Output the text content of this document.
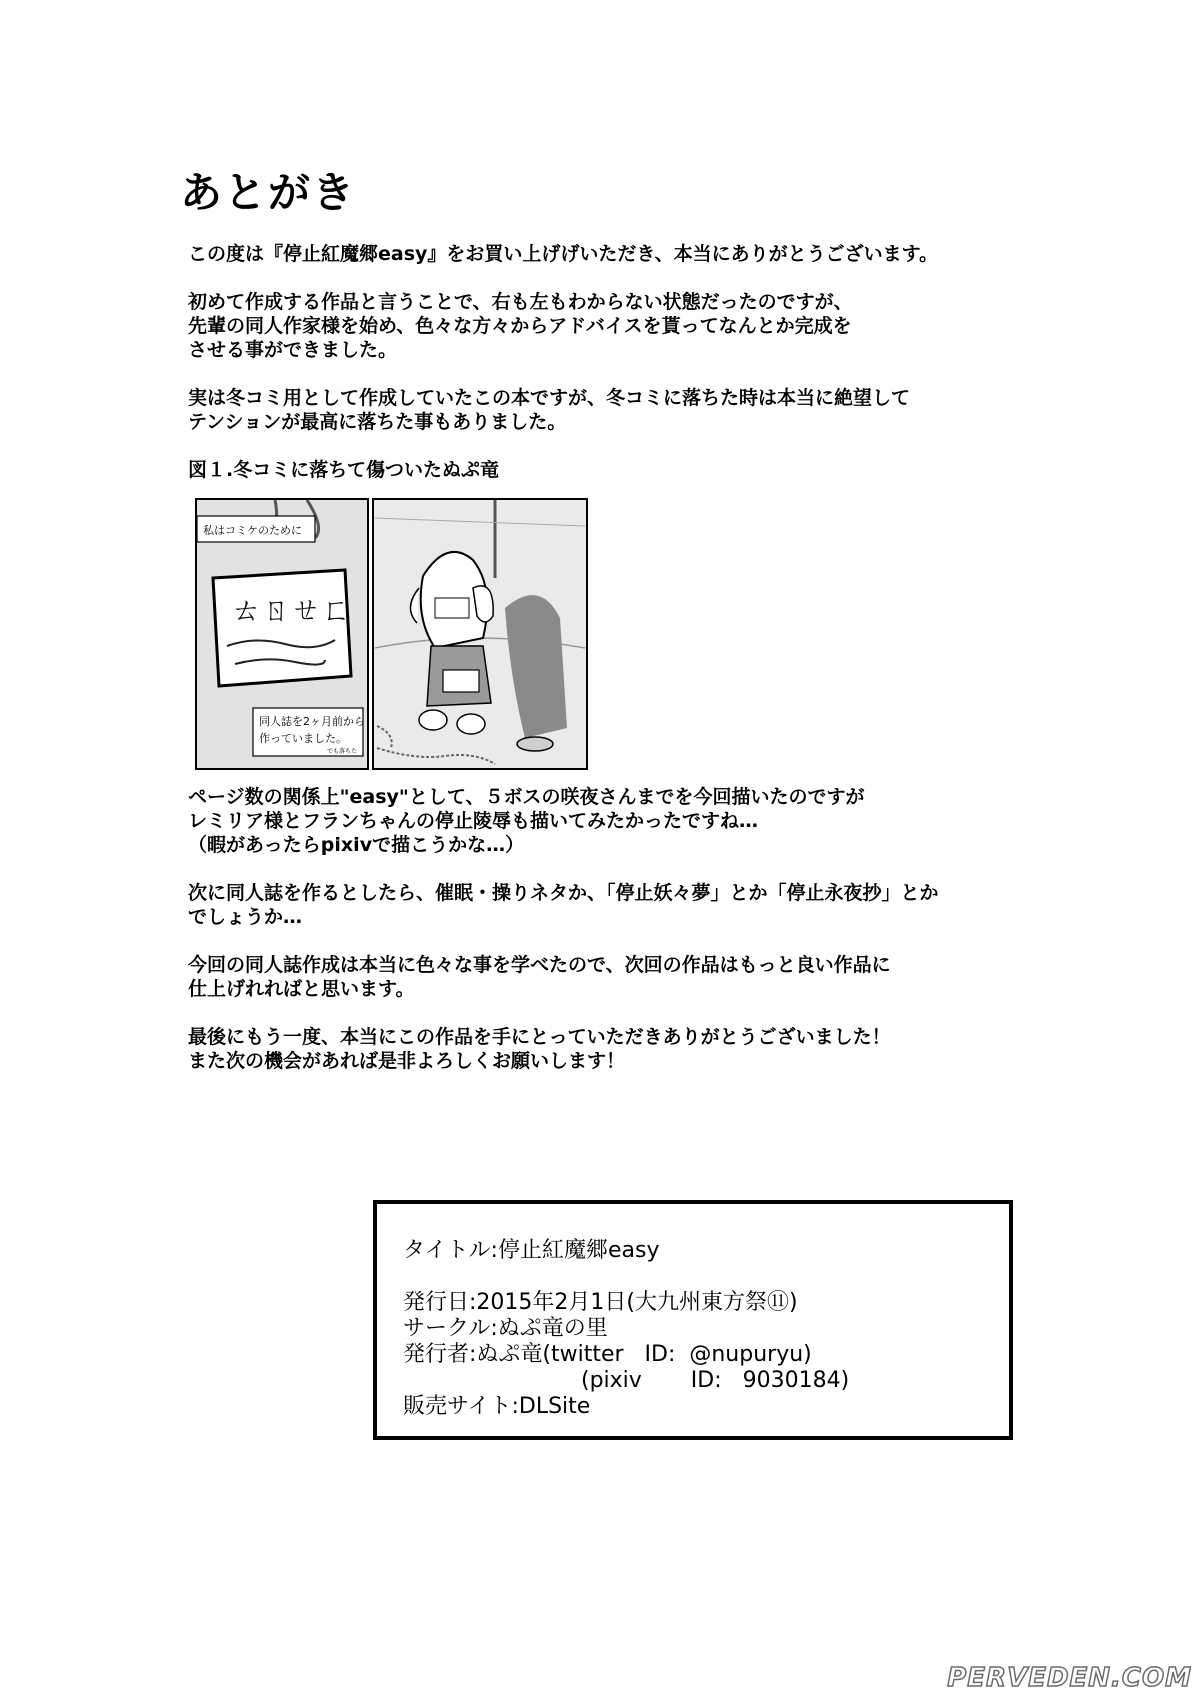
あとがき

この度は『停止紅魔郷easy』をお買い上げげいただき、本当にありがとうございます。

初めて作成する作品と言うことで、右も左もわからない状態だったのですが、

先輩の同人作家様を始め、色々な方々からアドバイスを貰ってなんとか完成を

させる事ができました。

実は冬コミ用として作成していたこの本ですが、冬コミに落ちた時は本当に絶望して

テンションが最高に落ちた事もありました。

図１.冬コミに落ちて傷ついたぬぷ竜

ㄊㄖㄝㄈ
私はコミケのために
同人誌を2ヶ月前から
作っていました。
でも落ちた

ページ数の関係上"easy"として、５ボスの咲夜さんまでを今回描いたのですが

レミリア様とフランちゃんの停止陵辱も描いてみたかったですね…

（暇があったらpixivで描こうかな…）

次に同人誌を作るとしたら、催眠・操りネタか、「停止妖々夢」とか「停止永夜抄」とか

でしょうか…

今回の同人誌作成は本当に色々な事を学べたので、次回の作品はもっと良い作品に

仕上げれればと思います。

最後にもう一度、本当にこの作品を手にとっていただきありがとうございました！

また次の機会があれば是非よろしくお願いします！

タイトル:停止紅魔郷easy
発行日:2015年2月1日(大九州東方祭⑪)
サークル:ぬぷ竜の里
発行者:ぬぷ竜(twitter   ID:  @nupuryu)
(pixiv       ID:   9030184)
販売サイト:DLSite
PERVEDEN.COM
